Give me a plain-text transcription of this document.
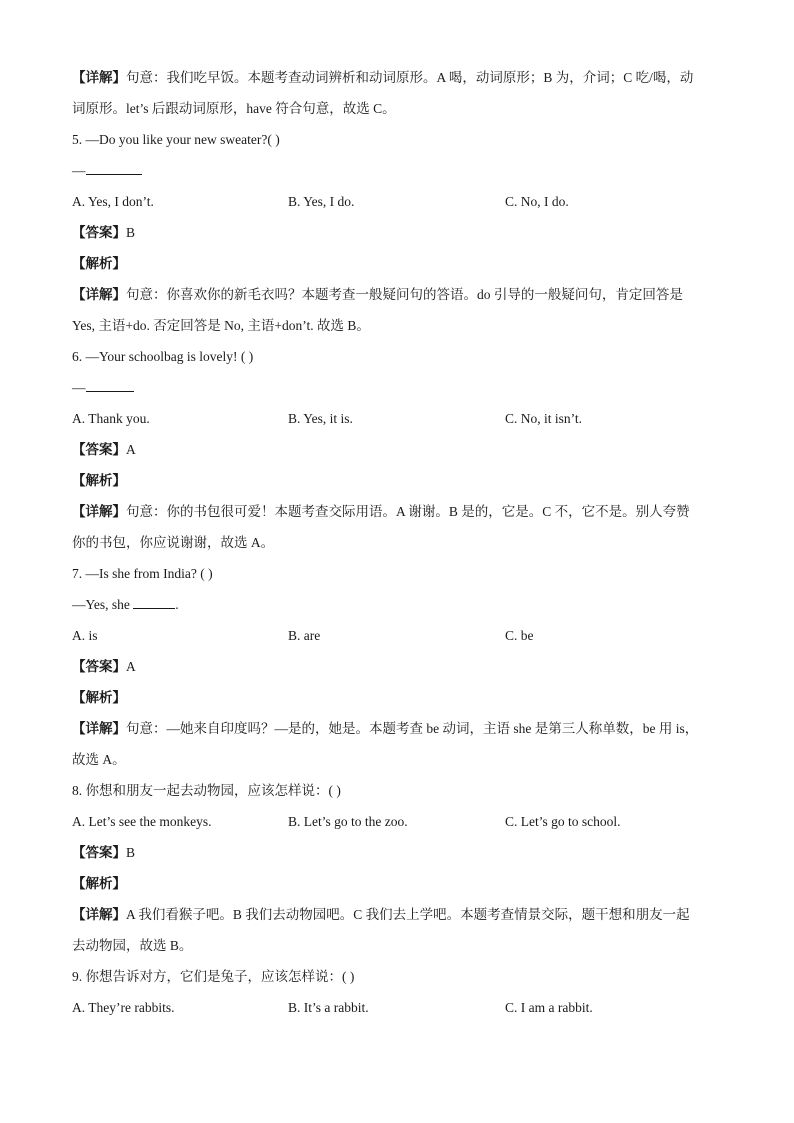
【详解】句意：我们吃早饭。本题考查动词辨析和动词原形。A 喝，动词原形；B 为，介词；C 吃/喝，动
词原形。let’s 后跟动词原形，have 符合句意，故选 C。
5. —Do you like your new sweater?( )
—
A. Yes, I don’t.	B. Yes, I do.	C. No, I do.
【答案】B
【解析】
【详解】句意：你喜欢你的新毛衣吗？本题考查一般疑问句的答语。do 引导的一般疑问句，肯定回答是
Yes, 主语+do. 否定回答是 No, 主语+don’t. 故选 B。
6. —Your schoolbag is lovely! ( )
—
A. Thank you.	B. Yes, it is.	C. No, it isn’t.
【答案】A
【解析】
【详解】句意：你的书包很可爱！本题考查交际用语。A 谢谢。B 是的，它是。C 不，它不是。别人夸赞
你的书包，你应说谢谢，故选 A。
7. —Is she from India? ( )
—Yes, she	.
A. is	B. are	C. be
【答案】A
【解析】
【详解】句意：—她来自印度吗？—是的，她是。本题考查 be 动词，主语 she 是第三人称单数，be 用 is，
故选 A。
8. 你想和朋友一起去动物园，应该怎样说：( )
A. Let’s see the monkeys.	B. Let’s go to the zoo.	C. Let’s go to school.
【答案】B
【解析】
【详解】A 我们看猴子吧。B 我们去动物园吧。C 我们去上学吧。本题考查情景交际，题干想和朋友一起
去动物园，故选 B。
9. 你想告诉对方，它们是兔子，应该怎样说：( )
A. They’re rabbits.	B. It’s a rabbit.	C. I am a rabbit.
